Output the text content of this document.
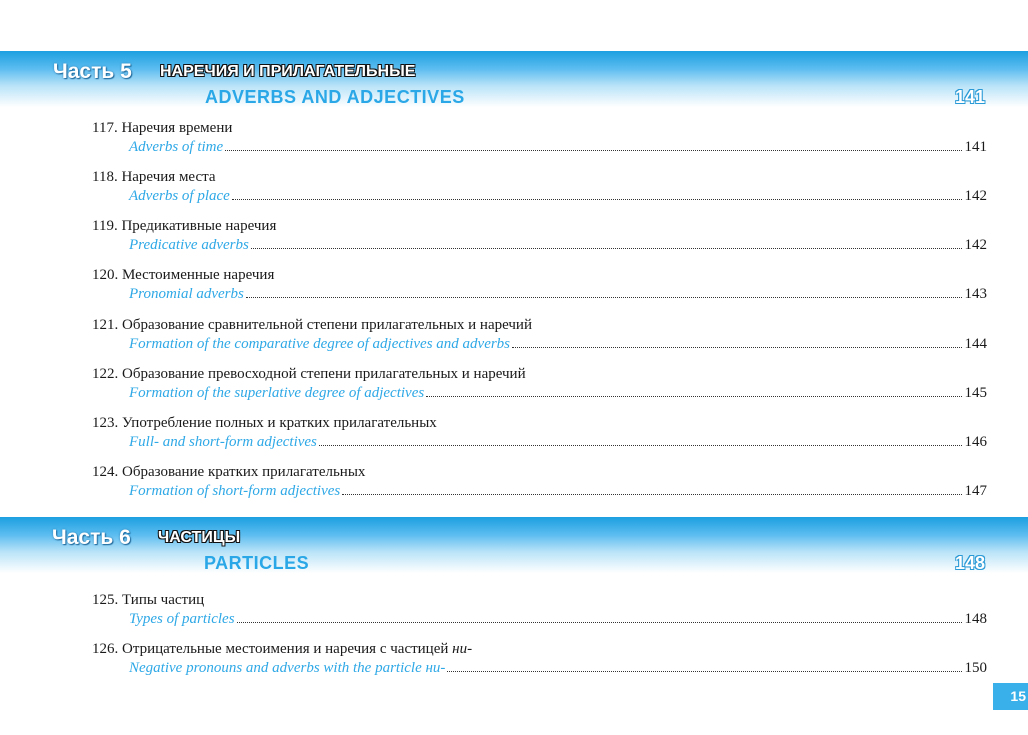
Часть 5 НАРЕЧИЯ И ПРИЛАГАТЕЛЬНЫЕ
ADVERBS AND ADJECTIVES	141
117. Наречия времени
Adverbs of time	141
118. Наречия места
Adverbs of place	142
119. Предикативные наречия
Predicative adverbs	142
120. Местоименные наречия
Pronomial adverbs	143
121. Образование сравнительной степени прилагательных и наречий
Formation of the comparative degree of adjectives and adverbs	144
122. Образование превосходной степени прилагательных и наречий
Formation of the superlative degree of adjectives	145
123. Употребление полных и кратких прилагательных
Full- and short-form adjectives	146
124. Образование кратких прилагательных
Formation of short-form adjectives	147
Часть 6 ЧАСТИЦЫ
PARTICLES	148
125. Типы частиц
Types of particles	148
126. Отрицательные местоимения и наречия с частицей ни-
Negative pronouns and adverbs with the particle ни-	150
15
